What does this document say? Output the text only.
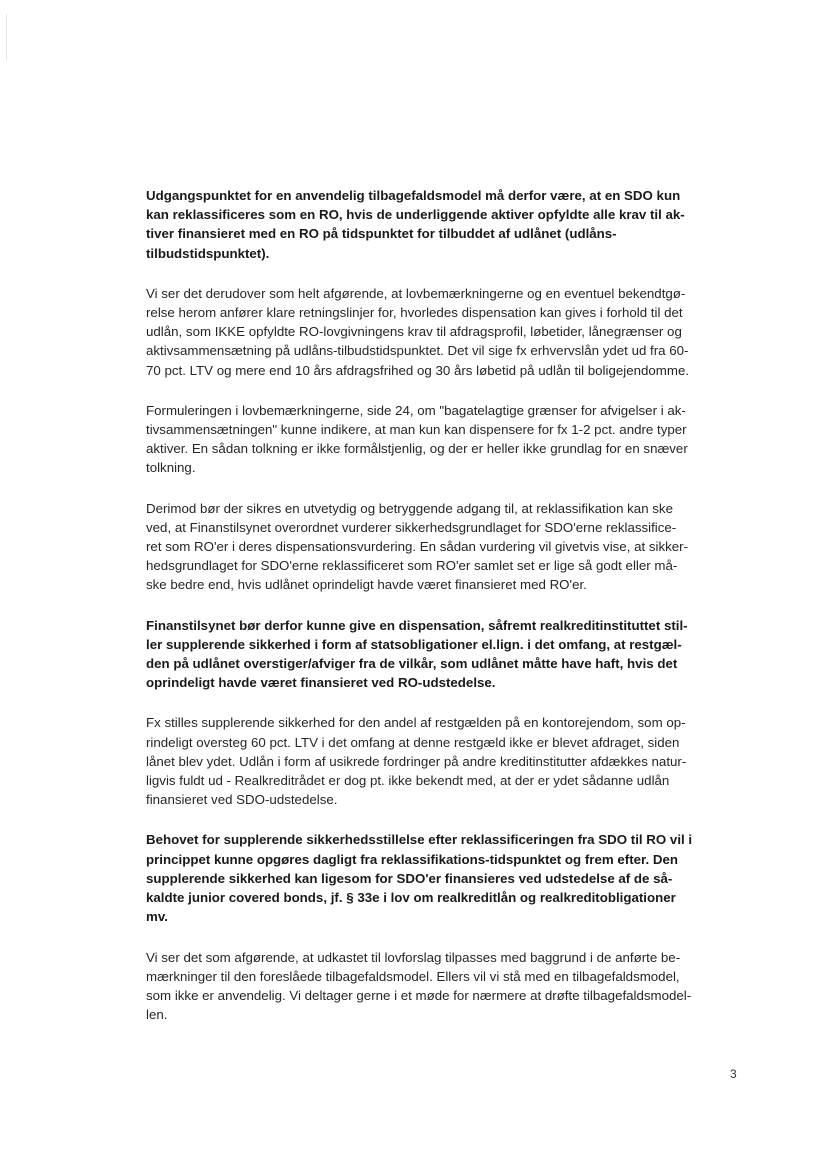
Udgangspunktet for en anvendelig tilbagefaldsmodel må derfor være, at en SDO kun
kan reklassificeres som en RO, hvis de underliggende aktiver opfyldte alle krav til ak-
tiver finansieret med en RO på tidspunktet for tilbuddet af udlånet (udlåns-
tilbudstidspunktet).

Vi ser det derudover som helt afgørende, at lovbemærkningerne og en eventuel bekendtgø-
relse herom anfører klare retningslinjer for, hvorledes dispensation kan gives i forhold til det
udlån, som IKKE opfyldte RO-lovgivningens krav til afdragsprofil, løbetider, lånegrænser og
aktivsammensætning på udlåns-tilbudstidspunktet. Det vil sige fx erhvervslån ydet ud fra 60-
70 pct. LTV og mere end 10 års afdragsfrihed og 30 års løbetid på udlån til boligejendomme.

Formuleringen i lovbemærkningerne, side 24, om "bagatelagtige grænser for afvigelser i ak-
tivsammensætningen" kunne indikere, at man kun kan dispensere for fx 1-2 pct. andre typer
aktiver. En sådan tolkning er ikke formålstjenlig, og der er heller ikke grundlag for en snæver
tolkning.

Derimod bør der sikres en utvetydig og betryggende adgang til, at reklassifikation kan ske
ved, at Finanstilsynet overordnet vurderer sikkerhedsgrundlaget for SDO'erne reklassifice-
ret som RO'er i deres dispensationsvurdering. En sådan vurdering vil givetvis vise, at sikker-
hedsgrundlaget for SDO'erne reklassificeret som RO'er samlet set er lige så godt eller må-
ske bedre end, hvis udlånet oprindeligt havde været finansieret med RO'er.

Finanstilsynet bør derfor kunne give en dispensation, såfremt realkreditinstituttet stil-
ler supplerende sikkerhed i form af statsobligationer el.lign. i det omfang, at restgæl-
den på udlånet overstiger/afviger fra de vilkår, som udlånet måtte have haft, hvis det
oprindeligt havde været finansieret ved RO-udstedelse.

Fx stilles supplerende sikkerhed for den andel af restgælden på en kontorejendom, som op-
rindeligt oversteg 60 pct. LTV i det omfang at denne restgæld ikke er blevet afdraget, siden
lånet blev ydet. Udlån i form af usikrede fordringer på andre kreditinstitutter afdækkes natur-
ligvis fuldt ud - Realkreditrådet er dog pt. ikke bekendt med, at der er ydet sådanne udlån
finansieret ved SDO-udstedelse.

Behovet for supplerende sikkerhedsstillelse efter reklassificeringen fra SDO til RO vil i
princippet kunne opgøres dagligt fra reklassifikations-tidspunktet og frem efter. Den
supplerende sikkerhed kan ligesom for SDO'er finansieres ved udstedelse af de så-
kaldte junior covered bonds, jf. § 33e i lov om realkreditlån og realkreditobligationer
mv.

Vi ser det som afgørende, at udkastet til lovforslag tilpasses med baggrund i de anførte be-
mærkninger til den foreslåede tilbagefaldsmodel. Ellers vil vi stå med en tilbagefaldsmodel,
som ikke er anvendelig. Vi deltager gerne i et møde for nærmere at drøfte tilbagefaldsmodel-
len.

3
